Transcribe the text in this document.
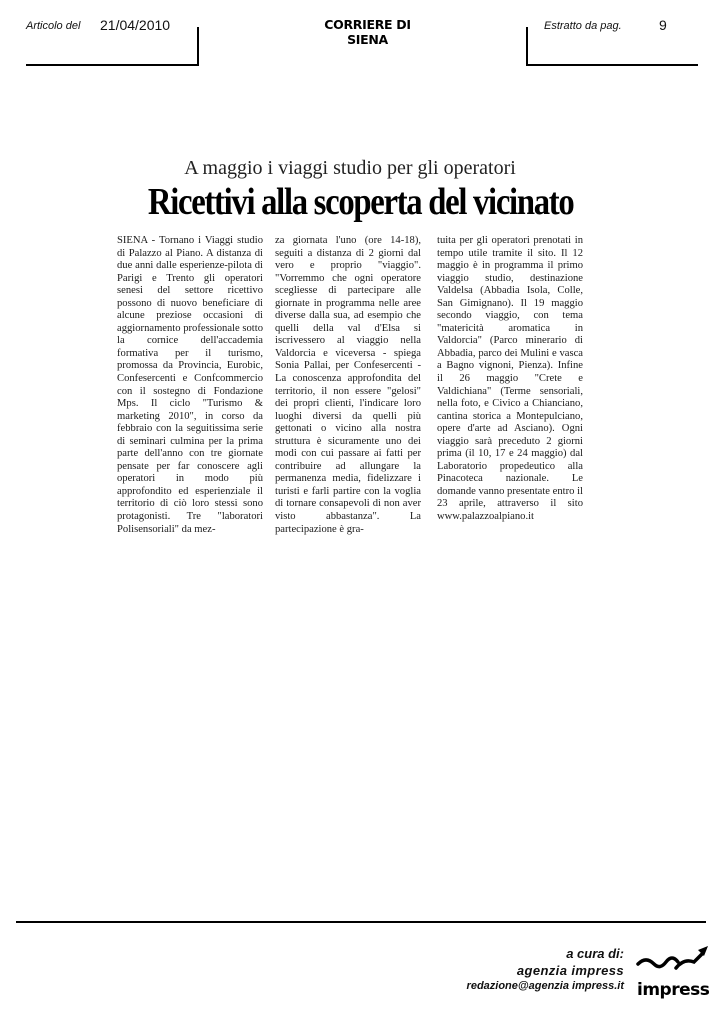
Articolo del 21/04/2010	CORRIERE DI SIENA
Estratto da pag.	9
A maggio i viaggi studio per gli operatori
Ricettivi alla scoperta del vicinato
SIENA - Tornano i Viaggi studio di Palazzo al Piano. A distanza di due anni dalle esperienze-pilota di Parigi e Trento gli operatori senesi del settore ricettivo possono di nuovo beneficiare di alcune preziose occasioni di aggiornamento professionale sotto la cornice dell'accademia formativa per il turismo, promossa da Provincia, Eurobic, Confesercenti e Confcommercio con il sostegno di Fondazione Mps. Il ciclo "Turismo & marketing 2010", in corso da febbraio con la seguitissima serie di seminari culmina per la prima parte dell'anno con tre giornate pensate per far conoscere agli operatori in modo più approfondito ed esperienziale il territorio di ciò loro stessi sono protagonisti. Tre "laboratori Polisensoriali" da mez-
za giornata l'uno (ore 14-18), seguiti a distanza di 2 giorni dal vero e proprio "viaggio". "Vorremmo che ogni operatore scegliesse di partecipare alle giornate in programma nelle aree diverse dalla sua, ad esempio che quelli della val d'Elsa si iscrivessero al viaggio nella Valdorcia e viceversa - spiega Sonia Pallai, per Confesercenti - La conoscenza approfondita del territorio, il non essere "gelosi" dei propri clienti, l'indicare loro luoghi diversi da quelli più gettonati o vicino alla nostra struttura è sicuramente uno dei modi con cui passare ai fatti per contribuire ad allungare la permanenza media, fidelizzare i turisti e farli partire con la voglia di tornare consapevoli di non aver visto abbastanza". La partecipazione è gra-
tuita per gli operatori prenotati in tempo utile tramite il sito. Il 12 maggio è in programma il primo viaggio studio, destinazione Valdelsa (Abbadia Isola, Colle, San Gimignano). Il 19 maggio secondo viaggio, con tema "matericità aromatica in Valdorcia" (Parco minerario di Abbadia, parco dei Mulini e vasca a Bagno vignoni, Pienza). Infine il 26 maggio "Crete e Valdichiana" (Terme sensoriali, nella foto, e Civico a Chianciano, cantina storica a Montepulciano, opere d'arte ad Asciano). Ogni viaggio sarà preceduto 2 giorni prima (il 10, 17 e 24 maggio) dal Laboratorio propedeutico alla Pinacoteca nazionale. Le domande vanno presentate entro il 23 aprile, attraverso il sito www.palazzoalpiano.it
a cura di:
agenzia impress
redazione@agenzia impress.it impress
